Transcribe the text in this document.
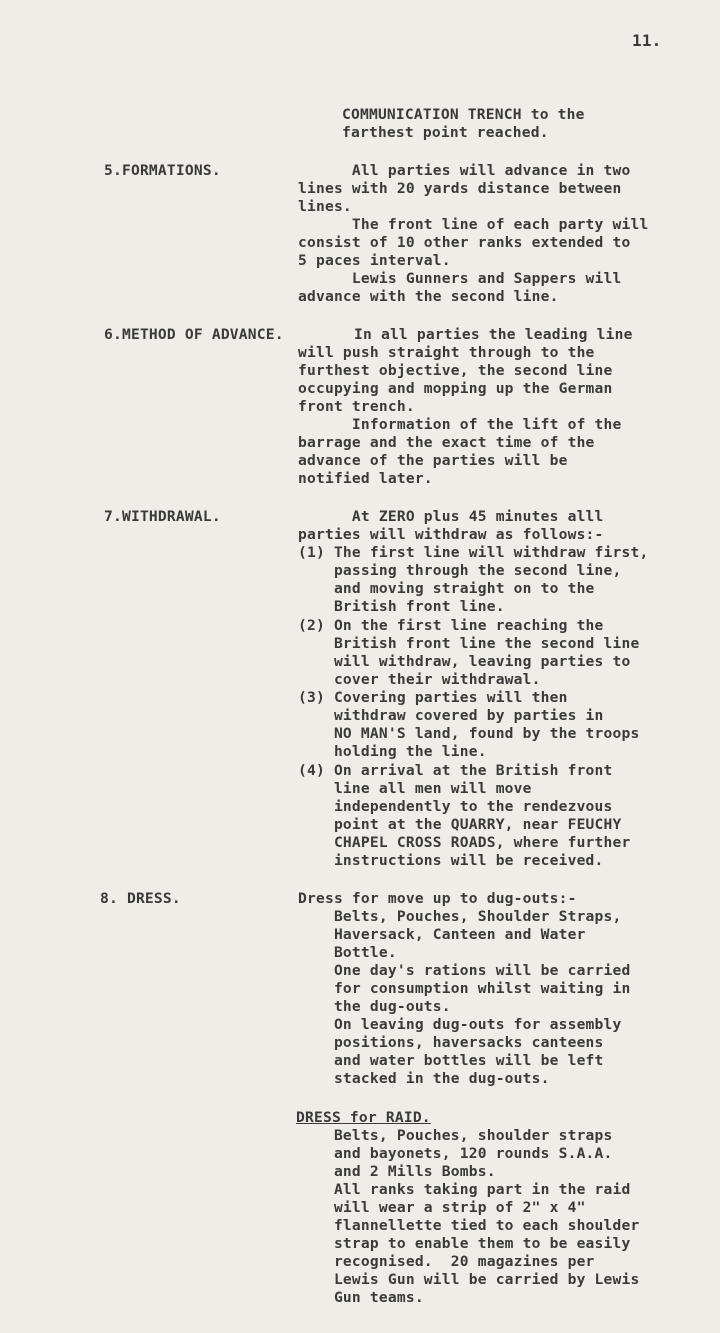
11.
COMMUNICATION TRENCH to the
farthest point reached.
5.FORMATIONS.	All parties will advance in two
lines with 20 yards distance between
lines.
The front line of each party will
consist of 10 other ranks extended to
5 paces interval.
Lewis Gunners and Sappers will
advance with the second line.
6.METHOD OF ADVANCE.	In all parties the leading line
will push straight through to the
furthest objective, the second line
occupying and mopping up the German
front trench.
Information of the lift of the
barrage and the exact time of the
advance of the parties will be
notified later.
7.WITHDRAWAL.	At ZERO plus 45 minutes alll
parties will withdraw as follows:-
(1) The first line will withdraw first,
passing through the second line,
and moving straight on to the
British front line.
(2) On the first line reaching the
British front line the second line
will withdraw, leaving parties to
cover their withdrawal.
(3) Covering parties will then
withdraw covered by parties in
NO MAN'S land, found by the troops
holding the line.
(4) On arrival at the British front
line all men will move
independently to the rendezvous
point at the QUARRY, near FEUCHY
CHAPEL CROSS ROADS, where further
instructions will be received.
8. DRESS.	Dress for move up to dug-outs:-
Belts, Pouches, Shoulder Straps,
Haversack, Canteen and Water
Bottle.
One day's rations will be carried
for consumption whilst waiting in
the dug-outs.
On leaving dug-outs for assembly
positions, haversacks canteens
and water bottles will be left
stacked in the dug-outs.
DRESS for RAID.
Belts, Pouches, shoulder straps
and bayonets, 120 rounds S.A.A.
and 2 Mills Bombs.
All ranks taking part in the raid
will wear a strip of 2" x 4"
flannellette tied to each shoulder
strap to enable them to be easily
recognised.  20 magazines per
Lewis Gun will be carried by Lewis
Gun teams.
